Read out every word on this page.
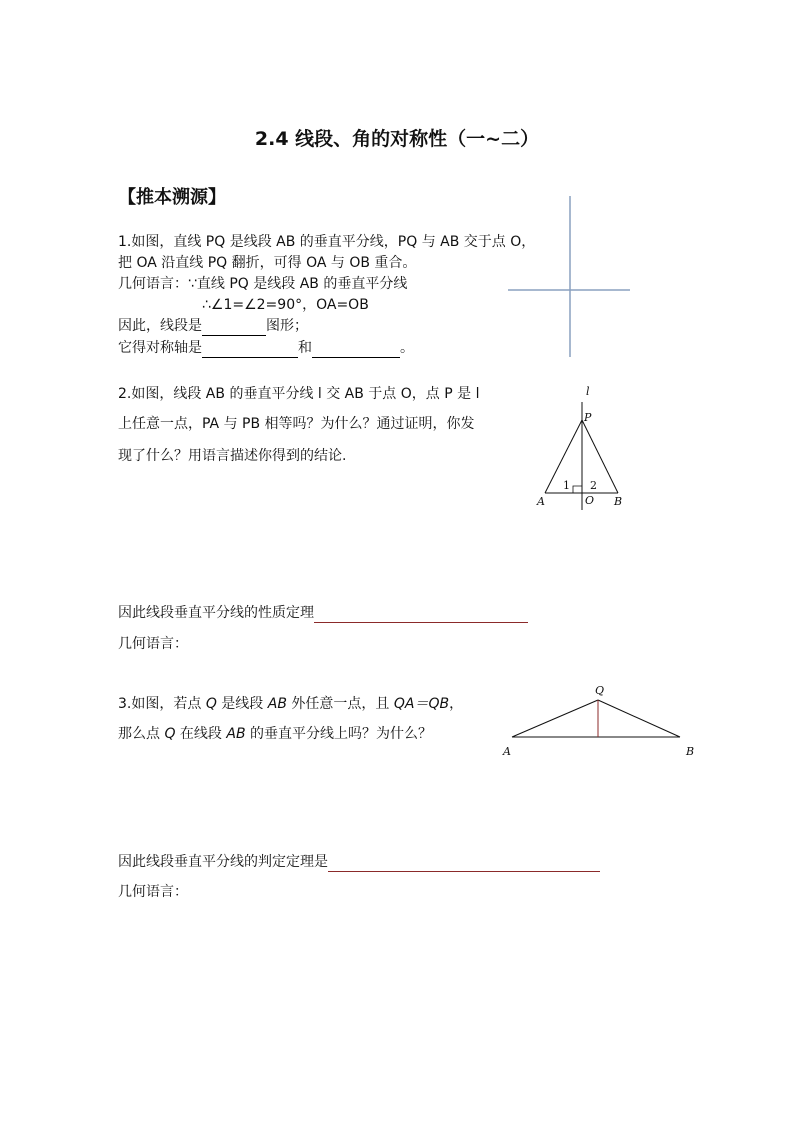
2.4 线段、角的对称性（一~二）
【推本溯源】
1.如图，直线 PQ 是线段 AB 的垂直平分线，PQ 与 AB 交于点 O，
把 OA 沿直线 PQ 翻折，可得 OA 与 OB 重合。
几何语言：∵直线 PQ 是线段 AB 的垂直平分线
∴∠1=∠2=90°，OA=OB
因此，线段是	图形；
它得对称轴是	和	。
2.如图，线段 AB 的垂直平分线 l 交 AB 于点 O，点 P 是 l
上任意一点，PA 与 PB 相等吗？为什么？通过证明，你发
现了什么？用语言描述你得到的结论.
l
P
A	O B
1 2
因此线段垂直平分线的性质定理
几何语言：
3.如图，若点 Q 是线段 AB 外任意一点，且 QA＝QB，
那么点 Q 在线段 AB 的垂直平分线上吗？为什么？
Q
A	B
因此线段垂直平分线的判定定理是
几何语言：
